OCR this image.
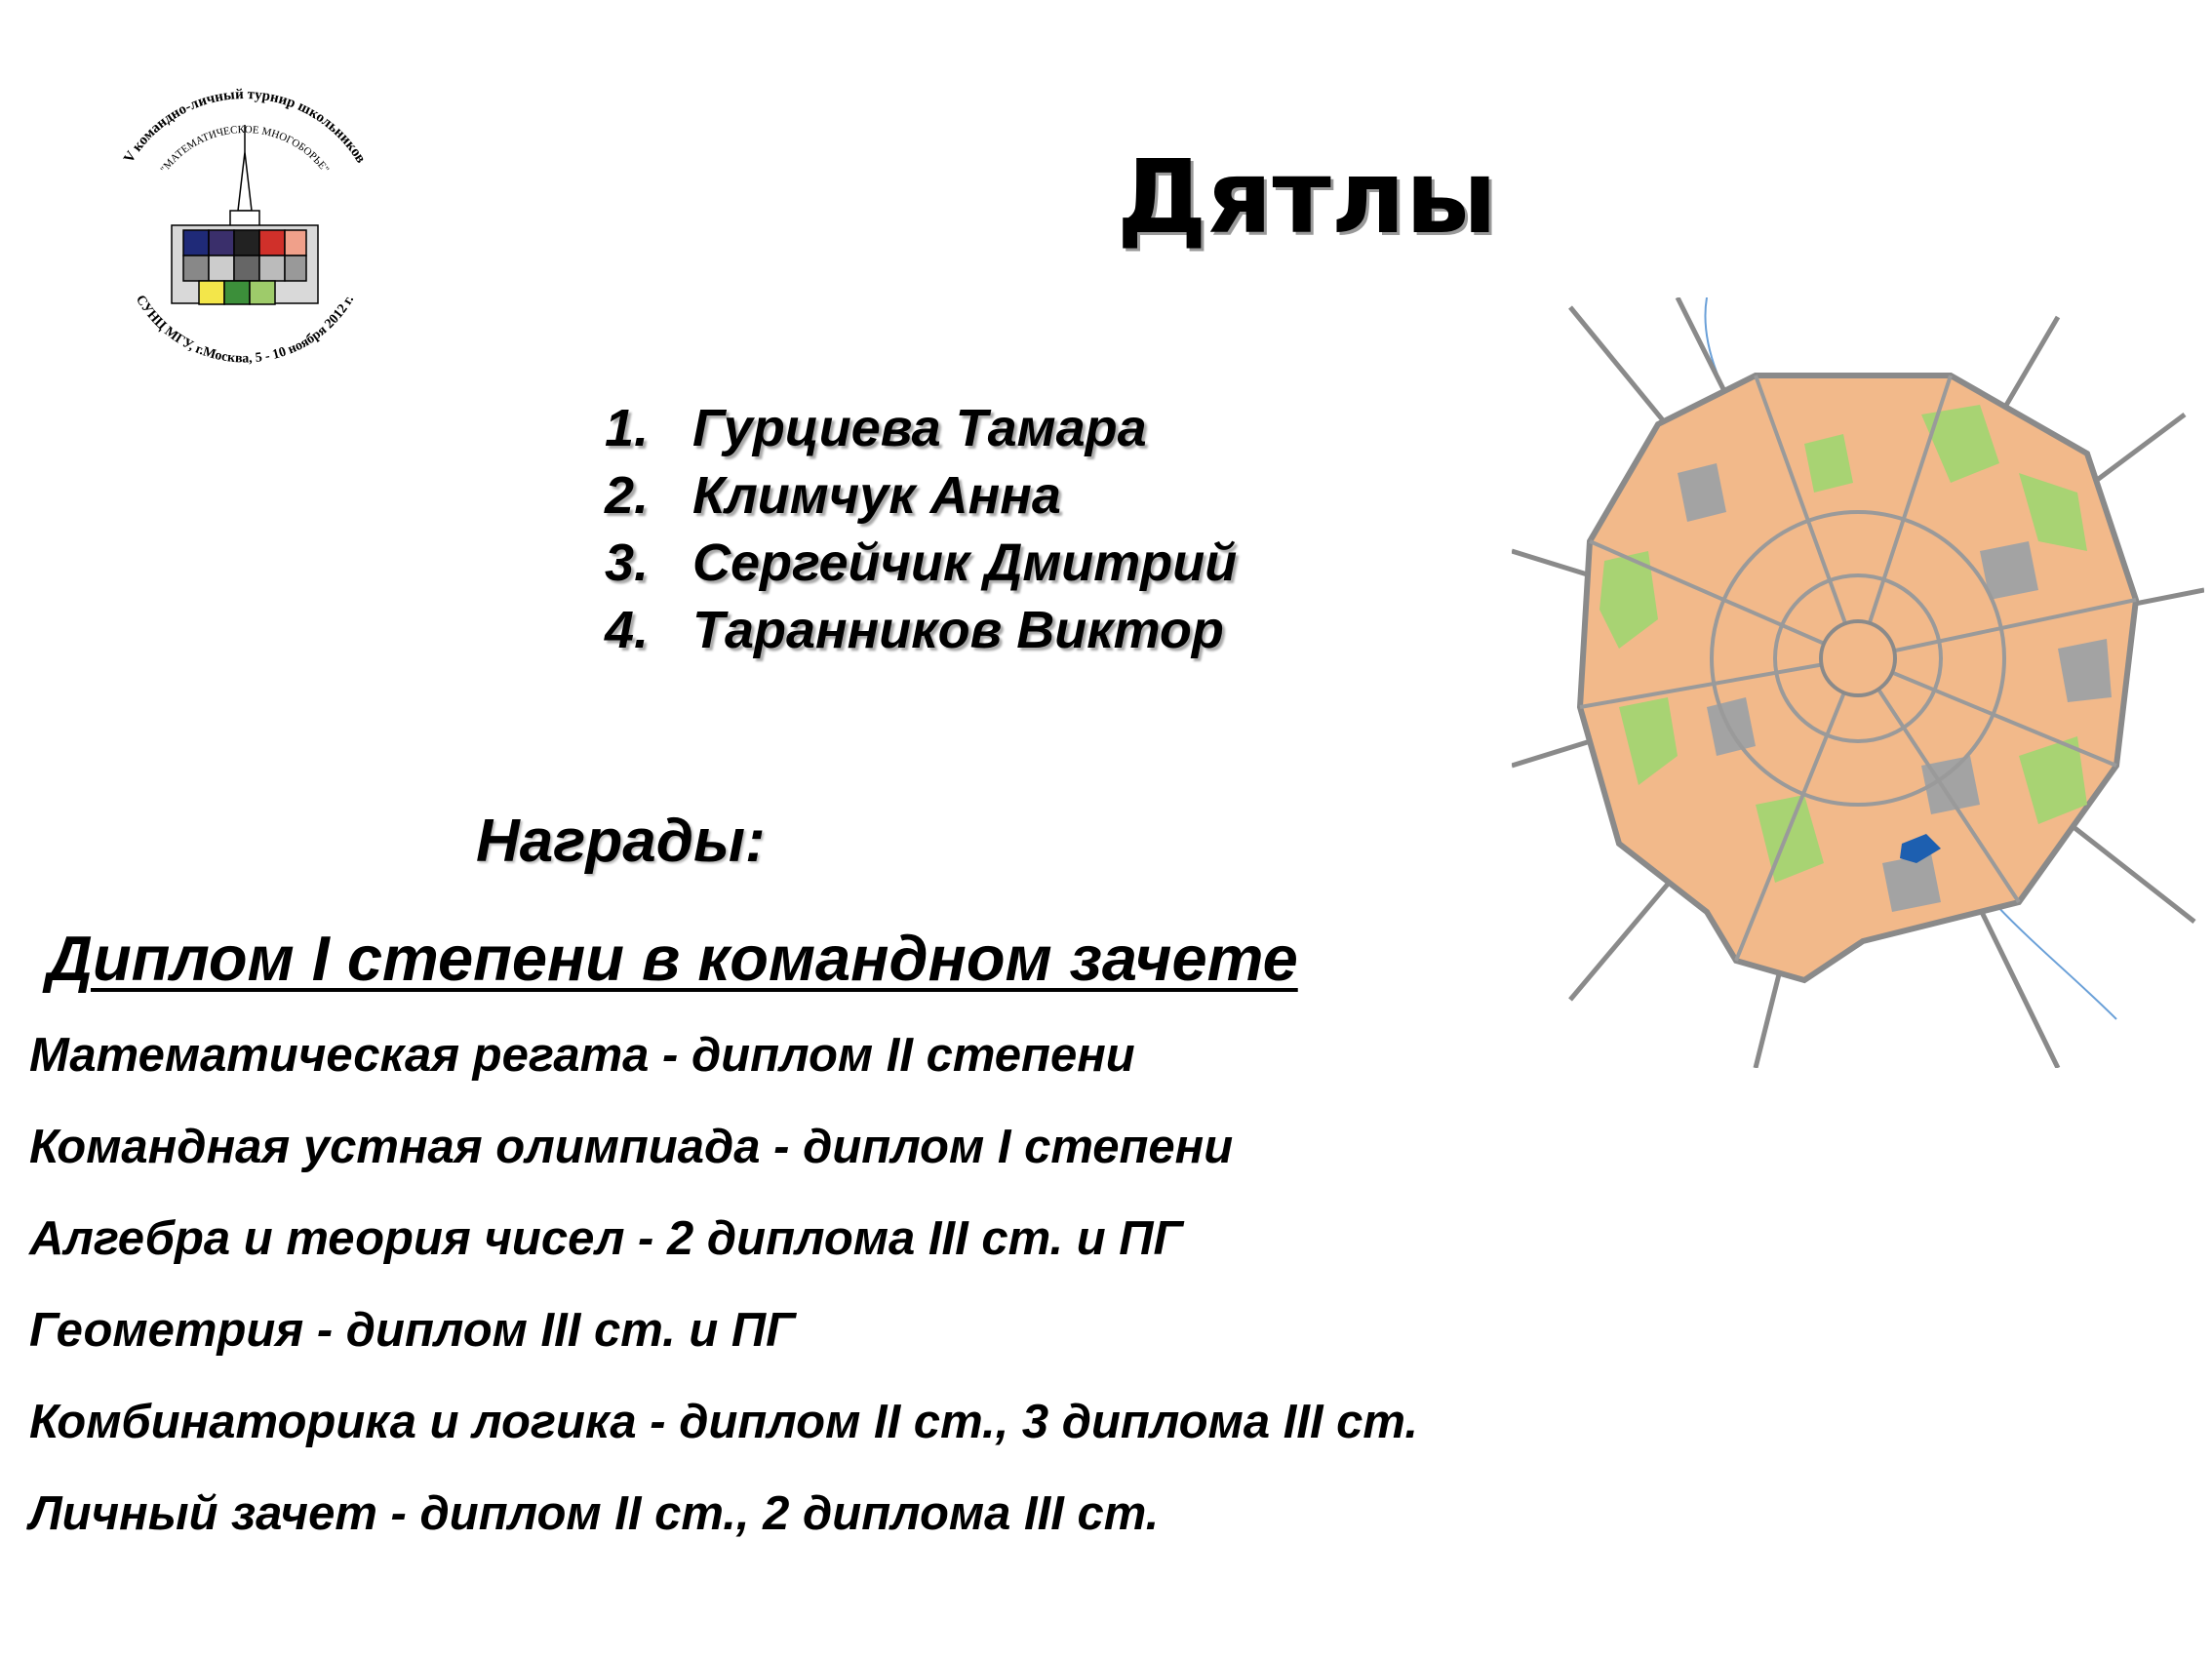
V командно-личный турнир школьников
"МАТЕМАТИЧЕСКОЕ МНОГОБОРЬЕ"
СУНЦ МГУ, г.Москва, 5 - 10 ноября 2012 г.
Дятлы
1. Гурциева Тамара
2. Климчук Анна
3. Сергейчик Дмитрий
4. Таранников Виктор
Награды:
Диплом I степени в командном зачете
Математическая регата - диплом II степени
Командная устная олимпиада - диплом I степени
Алгебра и теория чисел - 2 диплома III ст. и ПГ
Геометрия - диплом III ст. и ПГ
Комбинаторика и логика - диплом II ст., 3 диплома III ст.
Личный зачет - диплом II ст., 2 диплома III ст.
